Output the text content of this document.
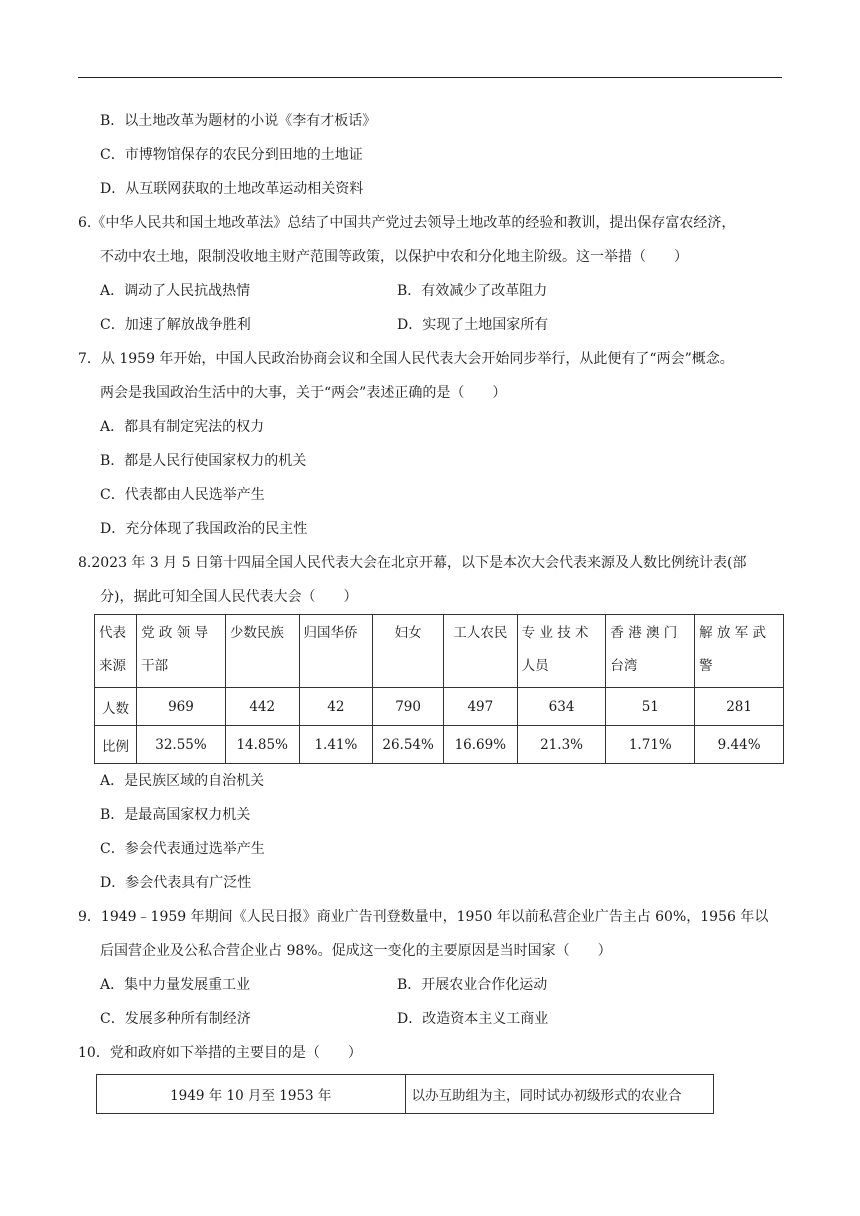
B．以土地改革为题材的小说《李有才板话》
C．市博物馆保存的农民分到田地的土地证
D．从互联网获取的土地改革运动相关资料
6.《中华人民共和国土地改革法》总结了中国共产党过去领导土地改革的经验和教训，提出保存富农经济，
不动中农土地，限制没收地主财产范围等政策，以保护中农和分化地主阶级。这一举措（　　）
A．调动了人民抗战热情	B．有效减少了改革阻力
C．加速了解放战争胜利	D．实现了土地国家所有
7．从 1959 年开始，中国人民政治协商会议和全国人民代表大会开始同步举行，从此便有了“两会”概念。
两会是我国政治生活中的大事，关于“两会”表述正确的是（　　）
A．都具有制定宪法的权力
B．都是人民行使国家权力的机关
C．代表都由人民选举产生
D．充分体现了我国政治的民主性
8.2023 年 3 月 5 日第十四届全国人民代表大会在北京开幕，以下是本次大会代表来源及人数比例统计表(部
分)，据此可知全国人民代表大会（　　）
代表
来源	党 政 领 导
干部	少数民族	归国华侨	妇女	工人农民	专 业 技 术
人员	香 港 澳 门
台湾	解 放 军 武
警
人数	969	442	42	790	497	634	51	281
比例	32.55%	14.85%	1.41%	26.54%	16.69%	21.3%	1.71%	9.44%
A．是民族区域的自治机关
B．是最高国家权力机关
C．参会代表通过选举产生
D．参会代表具有广泛性
9．1949﹣1959 年期间《人民日报》商业广告刊登数量中，1950 年以前私营企业广告主占 60%，1956 年以
后国营企业及公私合营企业占 98%。促成这一变化的主要原因是当时国家（　　）
A．集中力量发展重工业	B．开展农业合作化运动
C．发展多种所有制经济	D．改造资本主义工商业
10．党和政府如下举措的主要目的是（　　）
1949 年 10 月至 1953 年	以办互助组为主，同时试办初级形式的农业合
